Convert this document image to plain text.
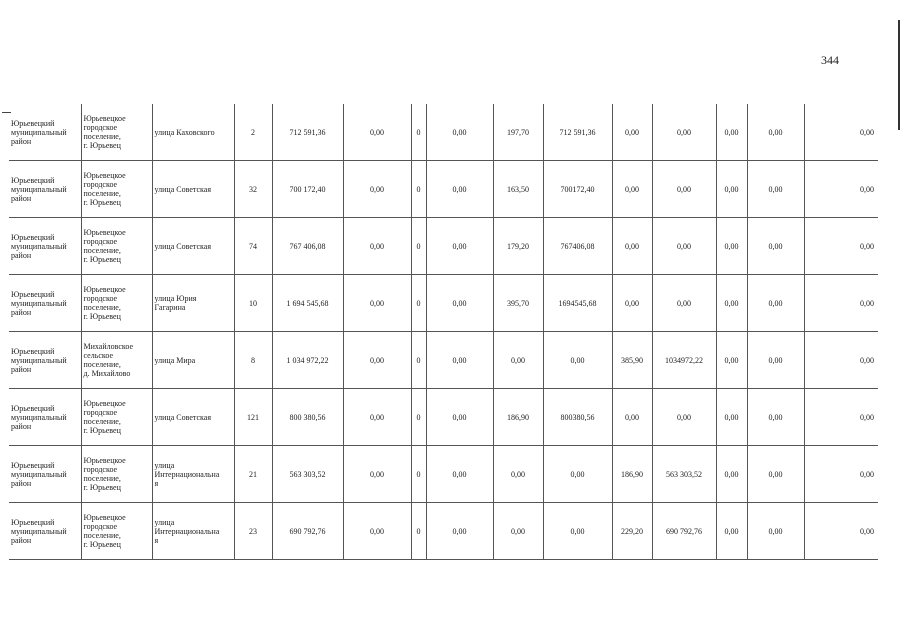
344
Юрьевецкий
муниципальный
район	Юрьевецкое
городское
поселение,
г. Юрьевец	улица Каховского	2	712 591,36	0,00	0	0,00	197,70	712 591,36	0,00	0,00	0,00	0,00	0,00

Юрьевецкий
муниципальный
район	Юрьевецкое
городское
поселение,
г. Юрьевец	улица Советская	32	700 172,40	0,00	0	0,00	163,50	700172,40	0,00	0,00	0,00	0,00	0,00

Юрьевецкий
муниципальный
район	Юрьевецкое
городское
поселение,
г. Юрьевец	улица Советская	74	767 406,08	0,00	0	0,00	179,20	767406,08	0,00	0,00	0,00	0,00	0,00

Юрьевецкий
муниципальный
район	Юрьевецкое
городское
поселение,
г. Юрьевец	улица Юрия
Гагарина	10	1 694 545,68	0,00	0	0,00	395,70	1694545,68	0,00	0,00	0,00	0,00	0,00

Юрьевецкий
муниципальный
район	Михайловское
сельское
поселение,
д. Михайлово	улица Мира	8	1 034 972,22	0,00	0	0,00	0,00	0,00	385,90	1034972,22	0,00	0,00	0,00

Юрьевецкий
муниципальный
район	Юрьевецкое
городское
поселение,
г. Юрьевец	улица Советская	121	800 380,56	0,00	0	0,00	186,90	800380,56	0,00	0,00	0,00	0,00	0,00

Юрьевецкий
муниципальный
район	Юрьевецкое
городское
поселение,
г. Юрьевец	улица
Интернациональна
я	21	563 303,52	0,00	0	0,00	0,00	0,00	186,90	563 303,52	0,00	0,00	0,00

Юрьевецкий
муниципальный
район	Юрьевецкое
городское
поселение,
г. Юрьевец	улица
Интернациональна
я	23	690 792,76	0,00	0	0,00	0,00	0,00	229,20	690 792,76	0,00	0,00	0,00
